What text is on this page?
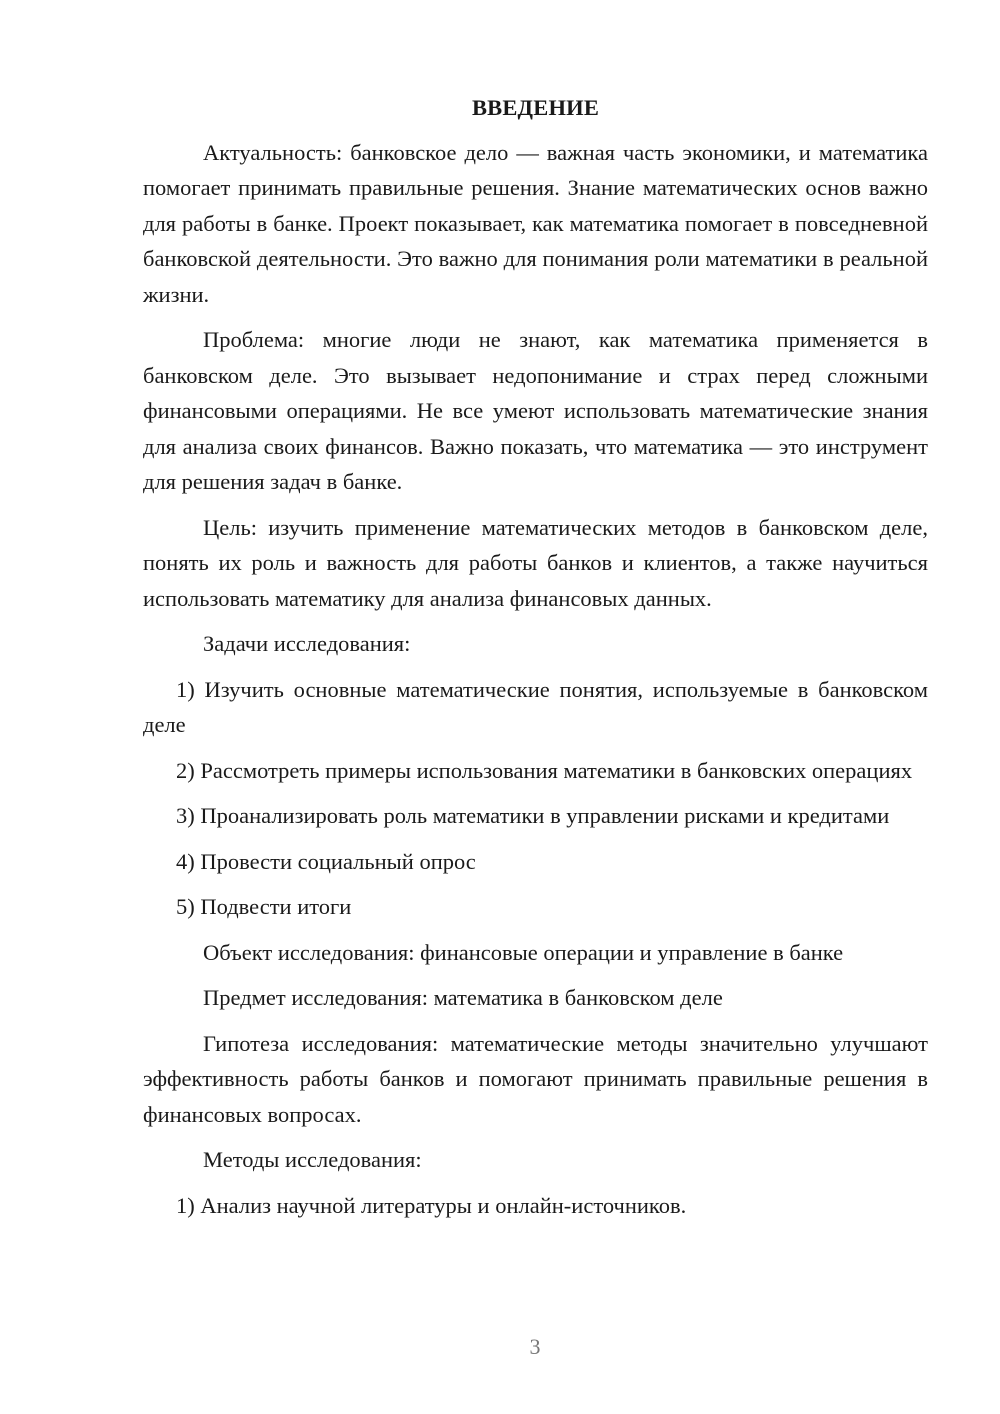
ВВЕДЕНИЕ
Актуальность: банковское дело — важная часть экономики, и математика помогает принимать правильные решения. Знание математических основ важно для работы в банке. Проект показывает, как математика помогает в повседневной банковской деятельности. Это важно для понимания роли математики в реальной жизни.
Проблема: многие люди не знают, как математика применяется в банковском деле. Это вызывает недопонимание и страх перед сложными финансовыми операциями. Не все умеют использовать математические знания для анализа своих финансов. Важно показать, что математика — это инструмент для решения задач в банке.
Цель: изучить применение математических методов в банковском деле, понять их роль и важность для работы банков и клиентов, а также научиться использовать математику для анализа финансовых данных.
Задачи исследования:
1) Изучить основные математические понятия, используемые в банковском деле
2) Рассмотреть примеры использования математики в банковских операциях
3) Проанализировать роль математики в управлении рисками и кредитами
4) Провести социальный опрос
5) Подвести итоги
Объект исследования: финансовые операции и управление в банке
Предмет исследования: математика в банковском деле
Гипотеза исследования: математические методы значительно улучшают эффективность работы банков и помогают принимать правильные решения в финансовых вопросах.
Методы исследования:
1) Анализ научной литературы и онлайн-источников.
3
